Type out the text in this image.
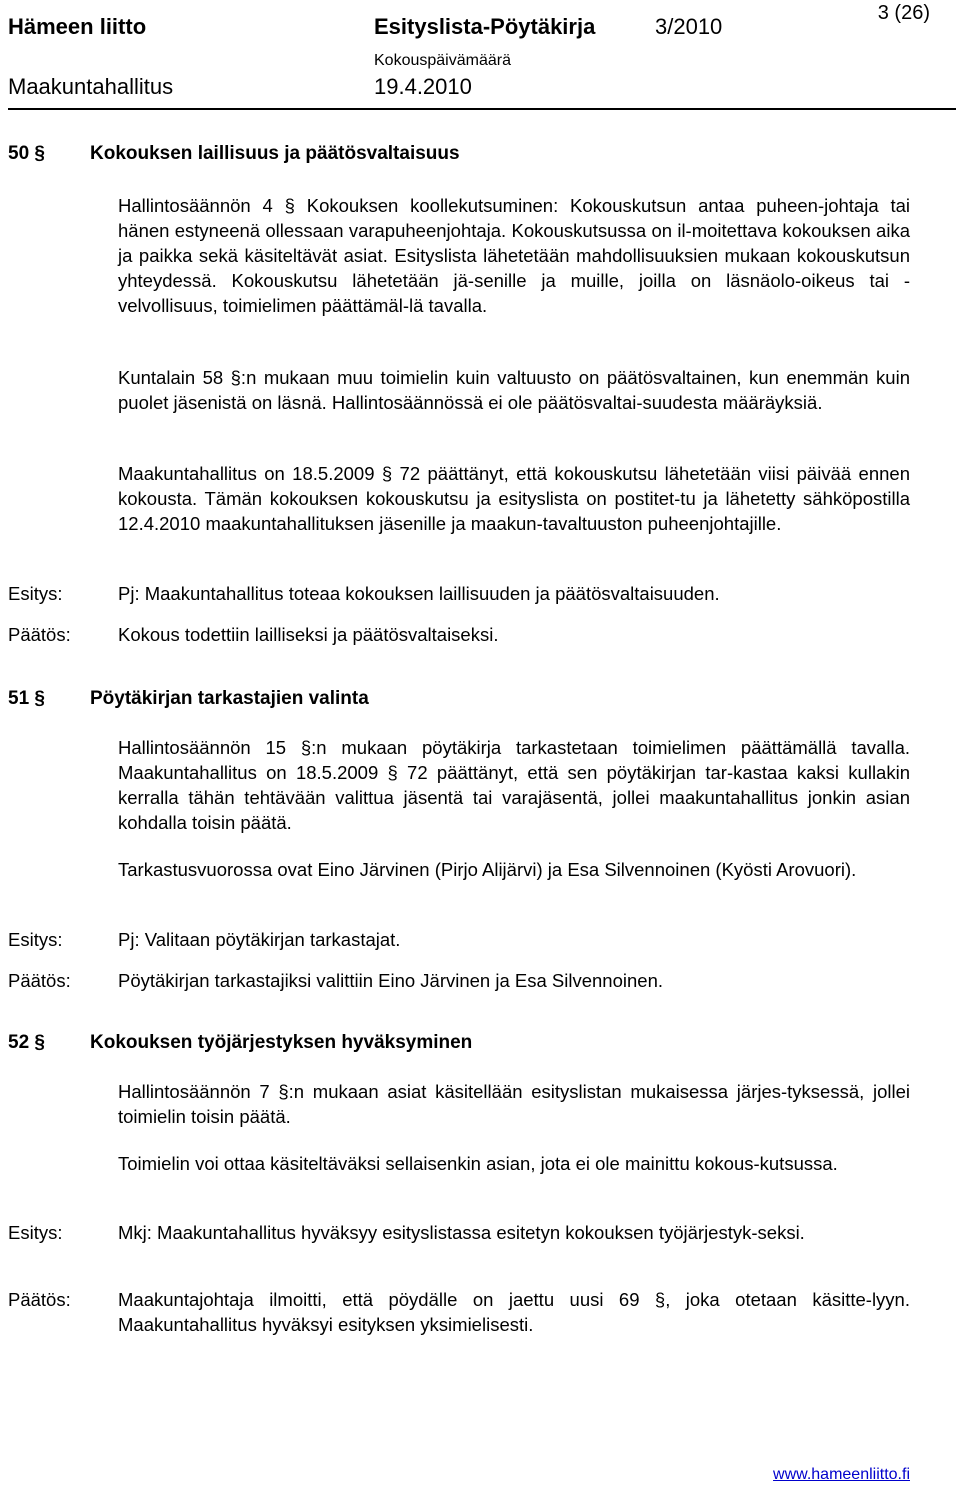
3 (26)
Hämeen liitto	Esityslista-Pöytäkirja	3/2010
Kokouspäivämäärä
Maakuntahallitus	19.4.2010
50 § Kokouksen laillisuus ja päätösvaltaisuus

Hallintosäännön 4 § Kokouksen koollekutsuminen: Kokouskutsun antaa puheen-johtaja tai hänen estyneenä ollessaan varapuheenjohtaja. Kokouskutsussa on il-moitettava kokouksen aika ja paikka sekä käsiteltävät asiat. Esityslista lähetetään mahdollisuuksien mukaan kokouskutsun yhteydessä. Kokouskutsu lähetetään jä-senille ja muille, joilla on läsnäolo-oikeus tai -velvollisuus, toimielimen päättämäl-lä tavalla.

Kuntalain 58 §:n mukaan muu toimielin kuin valtuusto on päätösvaltainen, kun enemmän kuin puolet jäsenistä on läsnä. Hallintosäännössä ei ole päätösvaltai-suudesta määräyksiä.

Maakuntahallitus on 18.5.2009 § 72 päättänyt, että kokouskutsu lähetetään viisi päivää ennen kokousta. Tämän kokouksen kokouskutsu ja esityslista on postitet-tu ja lähetetty sähköpostilla 12.4.2010 maakuntahallituksen jäsenille ja maakun-tavaltuuston puheenjohtajille.

Esitys:	Pj: Maakuntahallitus toteaa kokouksen laillisuuden ja päätösvaltaisuuden.

Päätös:	Kokous todettiin lailliseksi ja päätösvaltaiseksi.

51 § Pöytäkirjan tarkastajien valinta

Hallintosäännön 15 §:n mukaan pöytäkirja tarkastetaan toimielimen päättämällä tavalla. Maakuntahallitus on 18.5.2009 § 72 päättänyt, että sen pöytäkirjan tar-kastaa kaksi kullakin kerralla tähän tehtävään valittua jäsentä tai varajäsentä, jollei maakuntahallitus jonkin asian kohdalla toisin päätä.

Tarkastusvuorossa ovat Eino Järvinen (Pirjo Alijärvi) ja Esa Silvennoinen (Kyösti Arovuori).

Esitys:	Pj: Valitaan pöytäkirjan tarkastajat.

Päätös:	Pöytäkirjan tarkastajiksi valittiin Eino Järvinen ja Esa Silvennoinen.

52 § Kokouksen työjärjestyksen hyväksyminen

Hallintosäännön 7 §:n mukaan asiat käsitellään esityslistan mukaisessa järjes-tyksessä, jollei toimielin toisin päätä.

Toimielin voi ottaa käsiteltäväksi sellaisenkin asian, jota ei ole mainittu kokous-kutsussa.

Esitys:	Mkj: Maakuntahallitus hyväksyy esityslistassa esitetyn kokouksen työjärjestyk-seksi.

Päätös:	Maakuntajohtaja ilmoitti, että pöydälle on jaettu uusi 69 §, joka otetaan käsitte-lyyn. Maakuntahallitus hyväksyi esityksen yksimielisesti.

www.hameenliitto.fi
